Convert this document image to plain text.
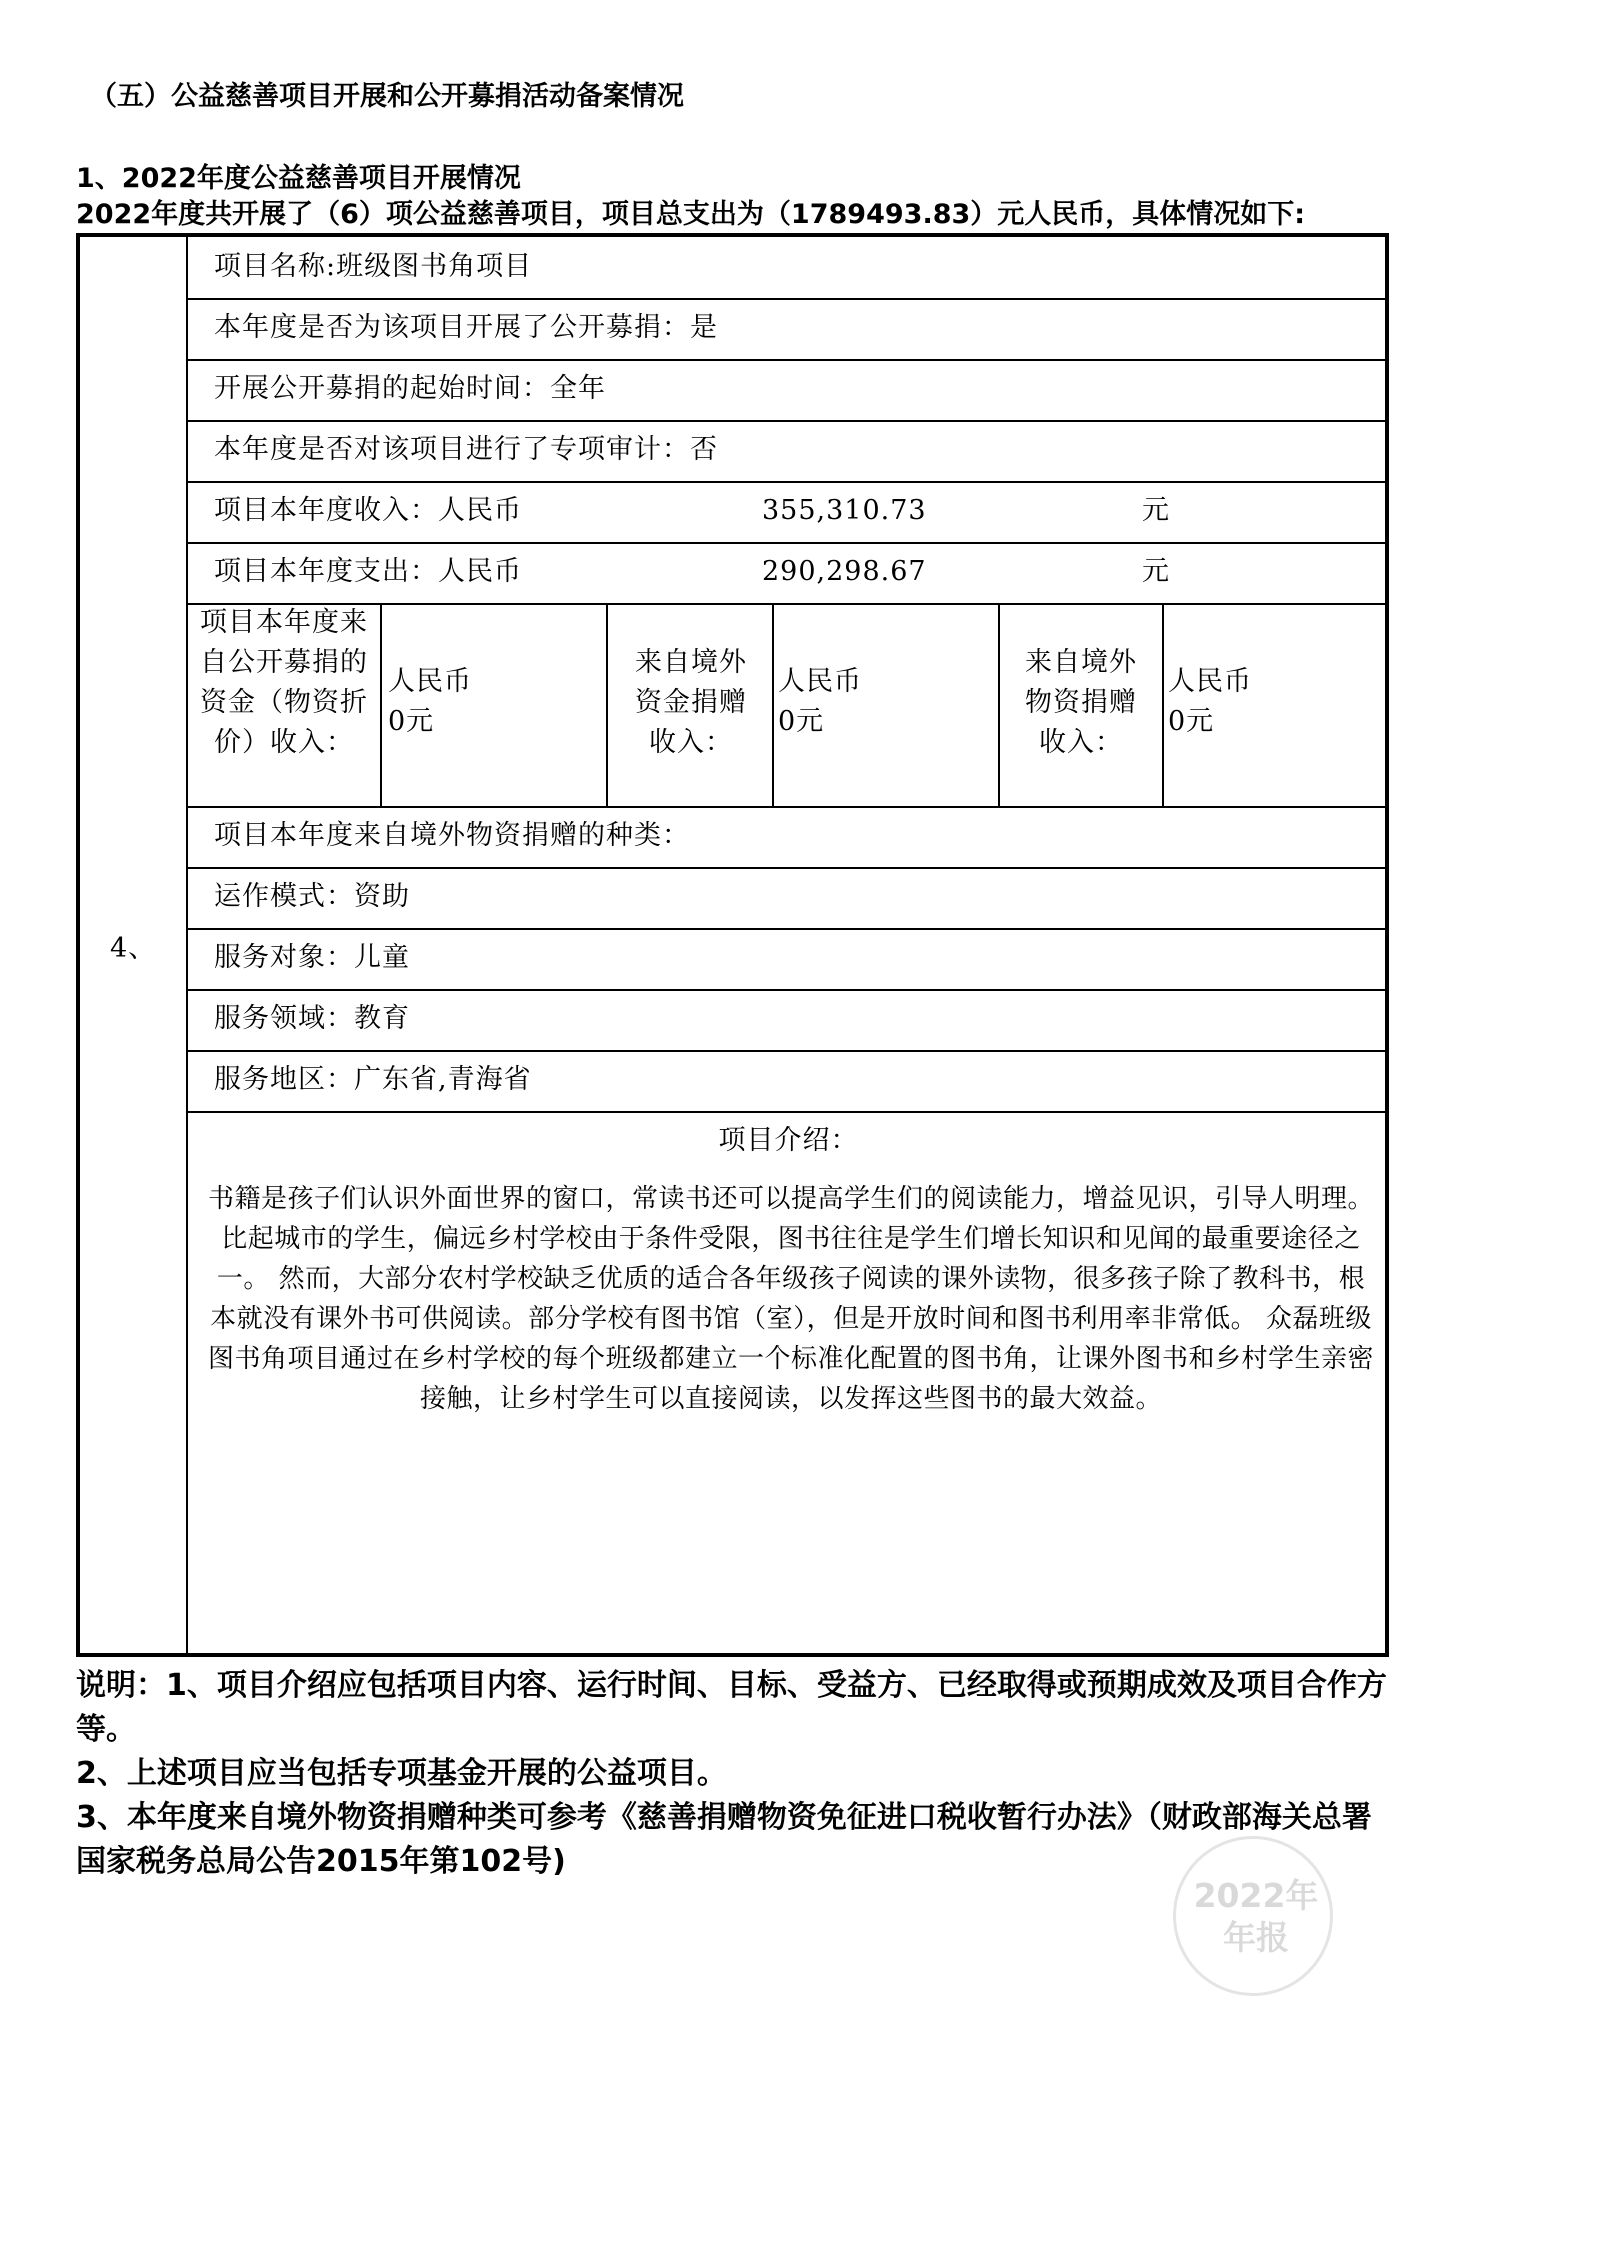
（五）公益慈善项目开展和公开募捐活动备案情况
1、2022年度公益慈善项目开展情况
2022年度共开展了（6）项公益慈善项目，项目总支出为（1789493.83）元人民币，具体情况如下:
4、
项目名称:班级图书角项目
本年度是否为该项目开展了公开募捐：是
开展公开募捐的起始时间：全年
本年度是否对该项目进行了专项审计：否
项目本年度收入：人民币	355,310.73	元
项目本年度支出：人民币	290,298.67	元
项目本年度来自公开募捐的资金（物资折价）收入：
人民币
0元
来自境外资金捐赠收入：
人民币
0元
来自境外物资捐赠收入：
人民币
0元
项目本年度来自境外物资捐赠的种类：
运作模式：资助
服务对象：儿童
服务领域：教育
服务地区：广东省,青海省
项目介绍：
书籍是孩子们认识外面世界的窗口，常读书还可以提高学生们的阅读能力，增益见识，引导人明理。比起城市的学生，偏远乡村学校由于条件受限，图书往往是学生们增长知识和见闻的最重要途径之一。 然而，大部分农村学校缺乏优质的适合各年级孩子阅读的课外读物，很多孩子除了教科书，根本就没有课外书可供阅读。部分学校有图书馆（室），但是开放时间和图书利用率非常低。 众磊班级图书角项目通过在乡村学校的每个班级都建立一个标准化配置的图书角，让课外图书和乡村学生亲密接触，让乡村学生可以直接阅读，以发挥这些图书的最大效益。

说明：1、项目介绍应包括项目内容、运行时间、目标、受益方、已经取得或预期成效及项目合作方等。

2、上述项目应当包括专项基金开展的公益项目。

3、本年度来自境外物资捐赠种类可参考《慈善捐赠物资免征进口税收暂行办法》（财政部海关总署 国家税务总局公告2015年第102号)

2022年 年报
